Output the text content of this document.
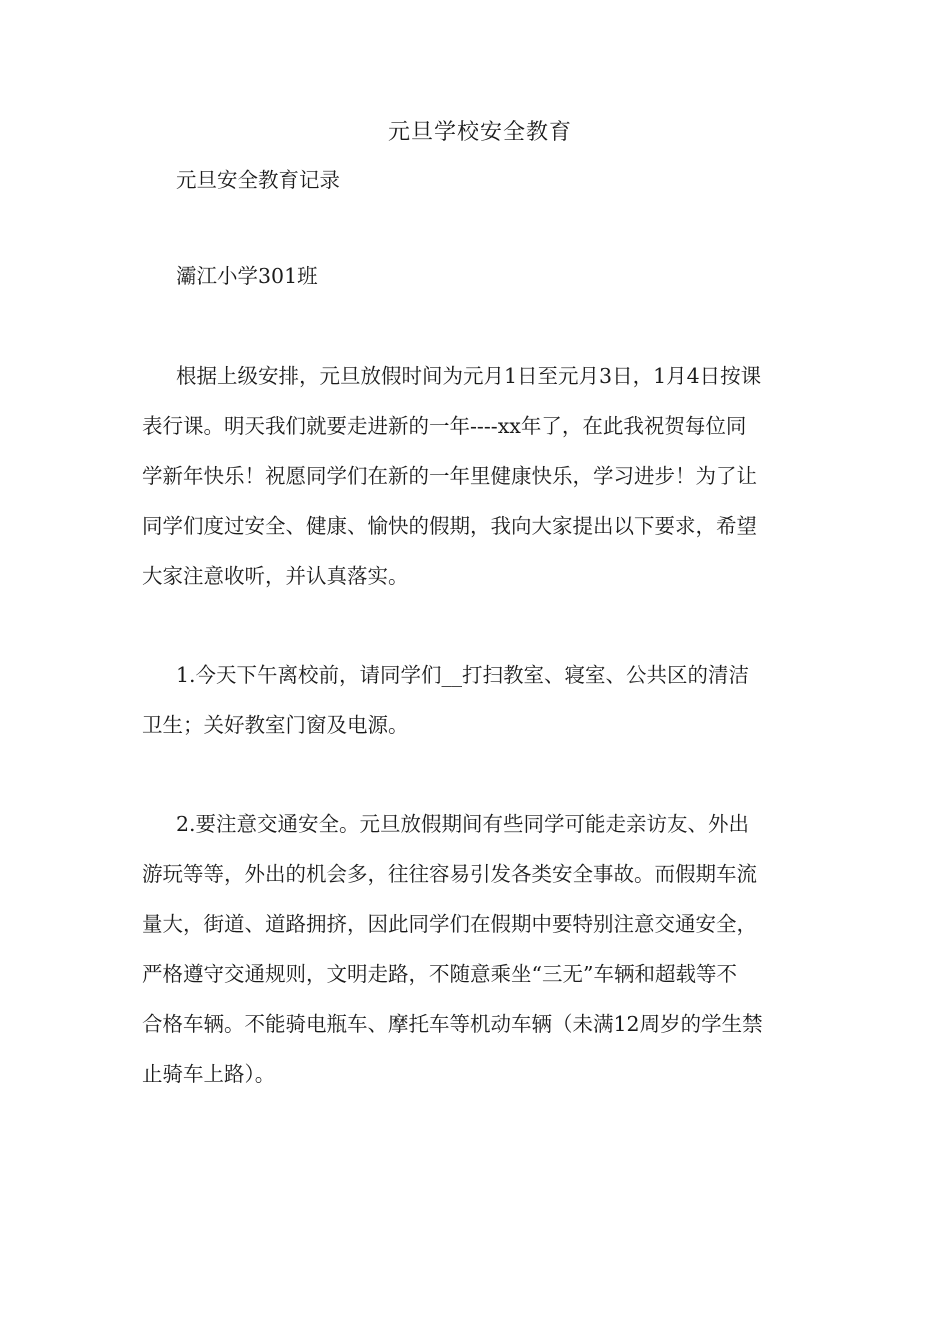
元旦学校安全教育
元旦安全教育记录
灞江小学301班
根据上级安排，元旦放假时间为元月1日至元月3日，1月4日按课
表行课。明天我们就要走进新的一年----xx年了，在此我祝贺每位同
学新年快乐！祝愿同学们在新的一年里健康快乐，学习进步！为了让
同学们度过安全、健康、愉快的假期，我向大家提出以下要求，希望
大家注意收听，并认真落实。
1.今天下午离校前，请同学们__打扫教室、寝室、公共区的清洁
卫生；关好教室门窗及电源。
2.要注意交通安全。元旦放假期间有些同学可能走亲访友、外出
游玩等等，外出的机会多，往往容易引发各类安全事故。而假期车流
量大，街道、道路拥挤，因此同学们在假期中要特别注意交通安全，
严格遵守交通规则，文明走路，不随意乘坐“三无”车辆和超载等不
合格车辆。不能骑电瓶车、摩托车等机动车辆（未满12周岁的学生禁
止骑车上路）。
